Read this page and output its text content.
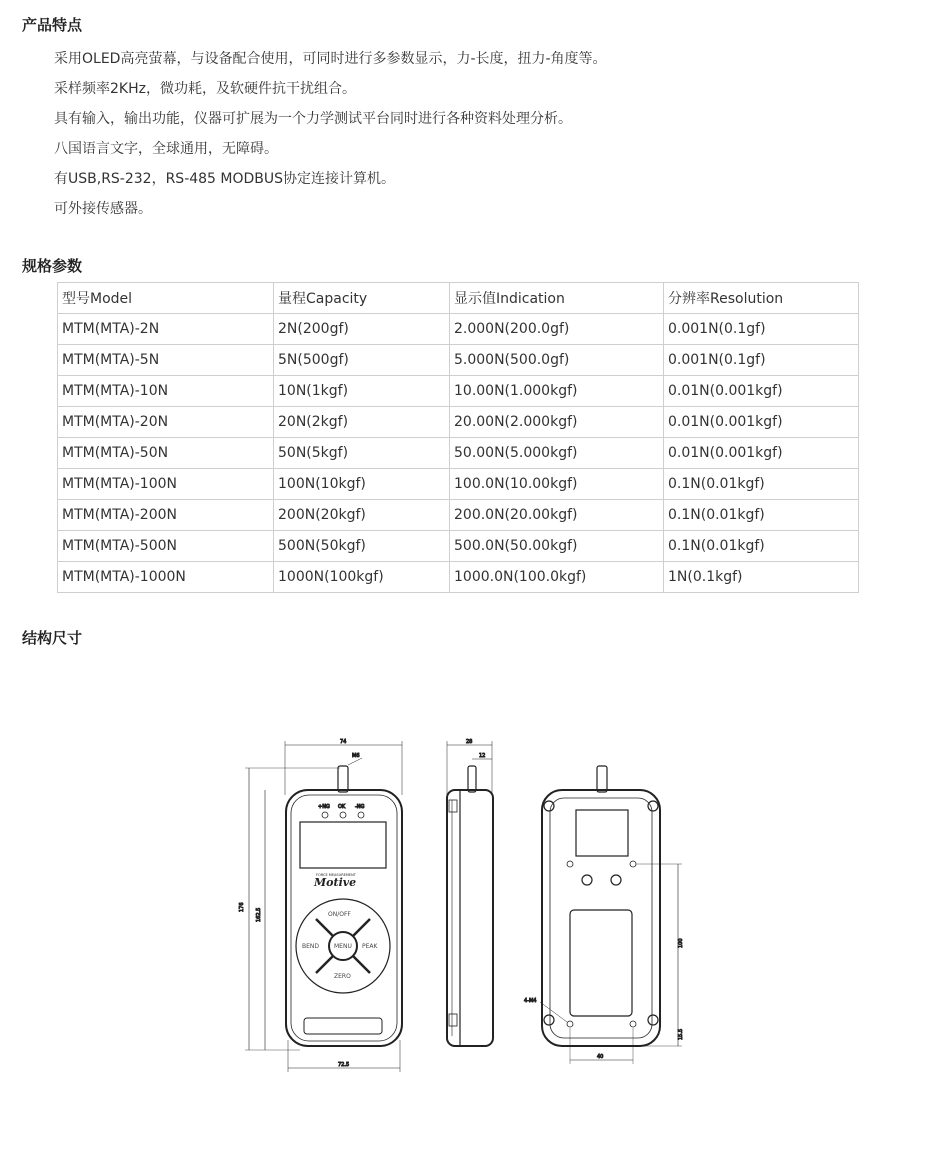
产品特点
采用OLED高亮萤幕，与设备配合使用，可同时进行多参数显示，力-长度，扭力-角度等。
采样频率2KHz，微功耗，及软硬件抗干扰组合。
具有输入，输出功能，仪器可扩展为一个力学测试平台同时进行各种资料处理分析。
八国语言文字，全球通用，无障碍。
有USB,RS-232，RS-485 MODBUS协定连接计算机。
可外接传感器。
规格参数
型号Model	量程Capacity	显示值Indication	分辨率Resolution
MTM(MTA)-2N	2N(200gf)	2.000N(200.0gf)	0.001N(0.1gf)
MTM(MTA)-5N	5N(500gf)	5.000N(500.0gf)	0.001N(0.1gf)
MTM(MTA)-10N	10N(1kgf)	10.00N(1.000kgf)	0.01N(0.001kgf)
MTM(MTA)-20N	20N(2kgf)	20.00N(2.000kgf)	0.01N(0.001kgf)
MTM(MTA)-50N	50N(5kgf)	50.00N(5.000kgf)	0.01N(0.001kgf)
MTM(MTA)-100N	100N(10kgf)	100.0N(10.00kgf)	0.1N(0.01kgf)
MTM(MTA)-200N	200N(20kgf)	200.0N(20.00kgf)	0.1N(0.01kgf)
MTM(MTA)-500N	500N(50kgf)	500.0N(50.00kgf)	0.1N(0.01kgf)
MTM(MTA)-1000N	1000N(100kgf)	1000.0N(100.0kgf)	1N(0.1kgf)
结构尺寸
74
M6
176
162.5
72.5
+NG OK -NG
FORCE MEASUREMENT
Motive
ON/OFF
BEND MENU PEAK
ZERO
28
12
100
15.5
40
4-M4
